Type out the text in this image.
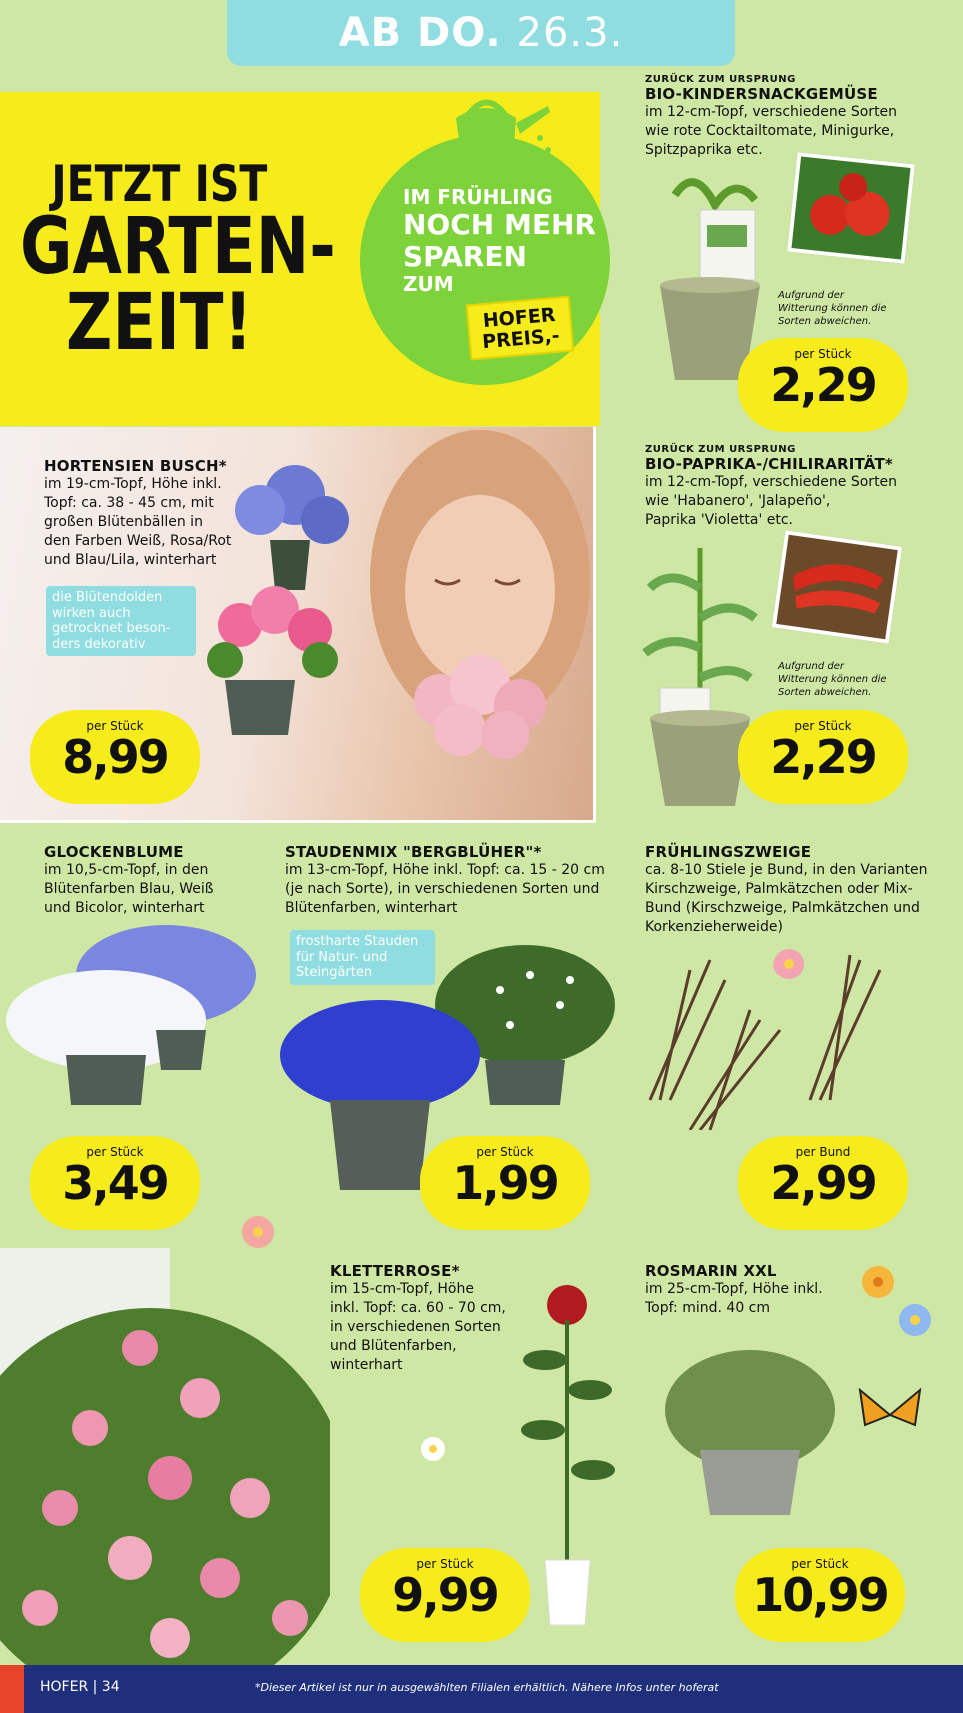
AB DO.
26.3.
JETZT IST
GARTEN-
ZEIT!
IM FRÜHLING
NOCH MEHR
SPAREN
ZUM
HOFER
PREIS,-
ZURÜCK ZUM URSPRUNG
BIO-KINDERSNACKGEMÜSE
im 12-cm-Topf, verschiedene Sorten
wie rote Cocktailtomate, Minigurke,
Spitzpaprika etc.
Aufgrund der
Witterung können die
Sorten abweichen.
per Stück
2,29
ZURÜCK ZUM URSPRUNG
BIO-PAPRIKA-/CHILIRARITÄT*
im 12-cm-Topf, verschiedene Sorten
wie 'Habanero', 'Jalapeño',
Paprika 'Violetta' etc.
Aufgrund der
Witterung können die
Sorten abweichen.
per Stück
2,29
HORTENSIEN BUSCH*
im 19-cm-Topf, Höhe inkl.
Topf: ca. 38 - 45 cm, mit
großen Blütenbällen in
den Farben Weiß, Rosa/Rot
und Blau/Lila, winterhart
die Blütendolden
wirken auch
getrocknet beson-
ders dekorativ
per Stück
8,99
GLOCKENBLUME
im 10,5-cm-Topf, in den
Blütenfarben Blau, Weiß
und Bicolor, winterhart
per Stück
3,49
STAUDENMIX "BERGBLÜHER"*
im 13-cm-Topf, Höhe inkl. Topf: ca. 15 - 20 cm
(je nach Sorte), in verschiedenen Sorten und
Blütenfarben, winterhart
frostharte Stauden
für Natur- und
Steingärten
per Stück
1,99
FRÜHLINGSZWEIGE
ca. 8-10 Stiele je Bund, in den Varianten
Kirschzweige, Palmkätzchen oder Mix-
Bund (Kirschzweige, Palmkätzchen und
Korkenzieherweide)
per Bund
2,99
KLETTERROSE*
im 15-cm-Topf, Höhe
inkl. Topf: ca. 60 - 70 cm,
in verschiedenen Sorten
und Blütenfarben,
winterhart
per Stück
9,99
ROSMARIN XXL
im 25-cm-Topf, Höhe inkl.
Topf: mind. 40 cm
per Stück
10,99
HOFER | 34	*Dieser Artikel ist nur in ausgewählten Filialen erhältlich. Nähere Infos unter hoferat
